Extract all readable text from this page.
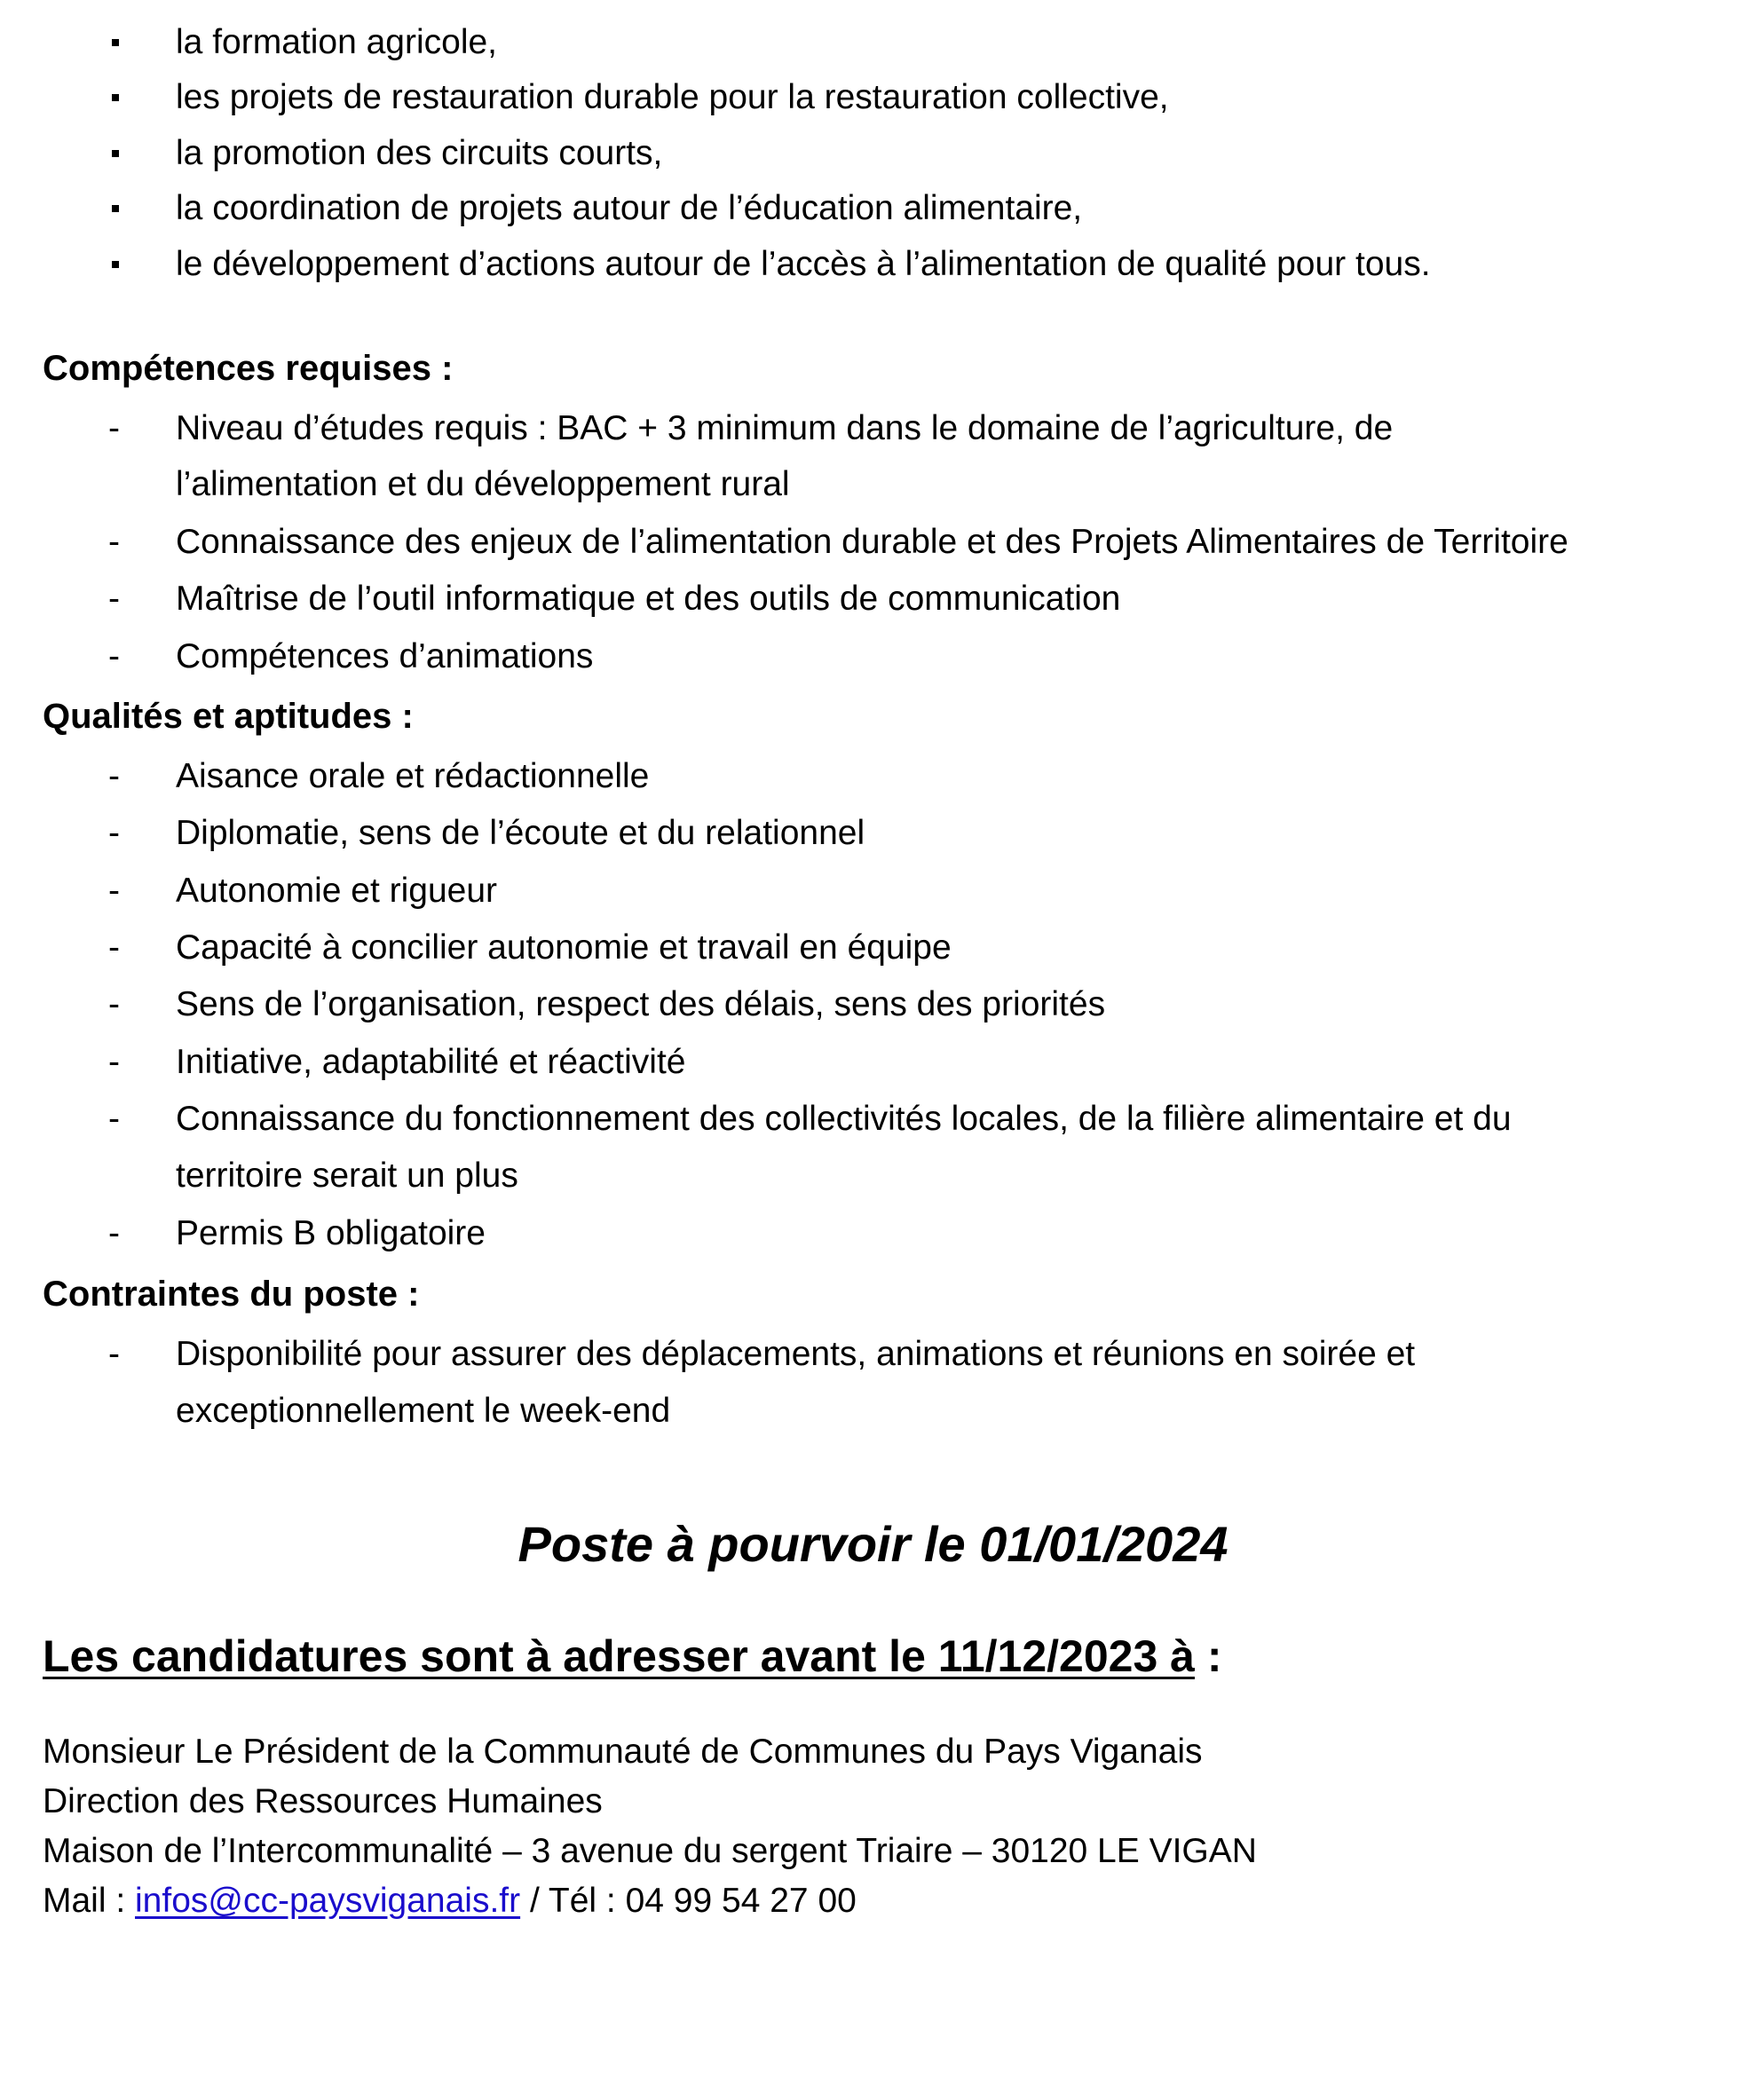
la formation agricole,
les projets de restauration durable pour la restauration collective,
la promotion des circuits courts,
la coordination de projets autour de l’éducation alimentaire,
le développement d’actions autour de l’accès à l’alimentation de qualité pour tous.
Compétences requises :
- Niveau d’études requis : BAC + 3 minimum dans le domaine de l’agriculture, de
l’alimentation et du développement rural
- Connaissance des enjeux de l’alimentation durable et des Projets Alimentaires de Territoire
- Maîtrise de l’outil informatique et des outils de communication
- Compétences d’animations
Qualités et aptitudes :
- Aisance orale et rédactionnelle
- Diplomatie, sens de l’écoute et du relationnel
- Autonomie et rigueur
- Capacité à concilier autonomie et travail en équipe
- Sens de l’organisation, respect des délais, sens des priorités
- Initiative, adaptabilité et réactivité
- Connaissance du fonctionnement des collectivités locales, de la filière alimentaire et du
territoire serait un plus
- Permis B obligatoire
Contraintes du poste :
- Disponibilité pour assurer des déplacements, animations et réunions en soirée et
exceptionnellement le week-end
Poste à pourvoir le 01/01/2024
Les candidatures sont à adresser avant le 11/12/2023 à :
Monsieur Le Président de la Communauté de Communes du Pays Viganais
Direction des Ressources Humaines
Maison de l’Intercommunalité – 3 avenue du sergent Triaire – 30120 LE VIGAN
Mail : infos@cc-paysviganais.fr / Tél : 04 99 54 27 00
